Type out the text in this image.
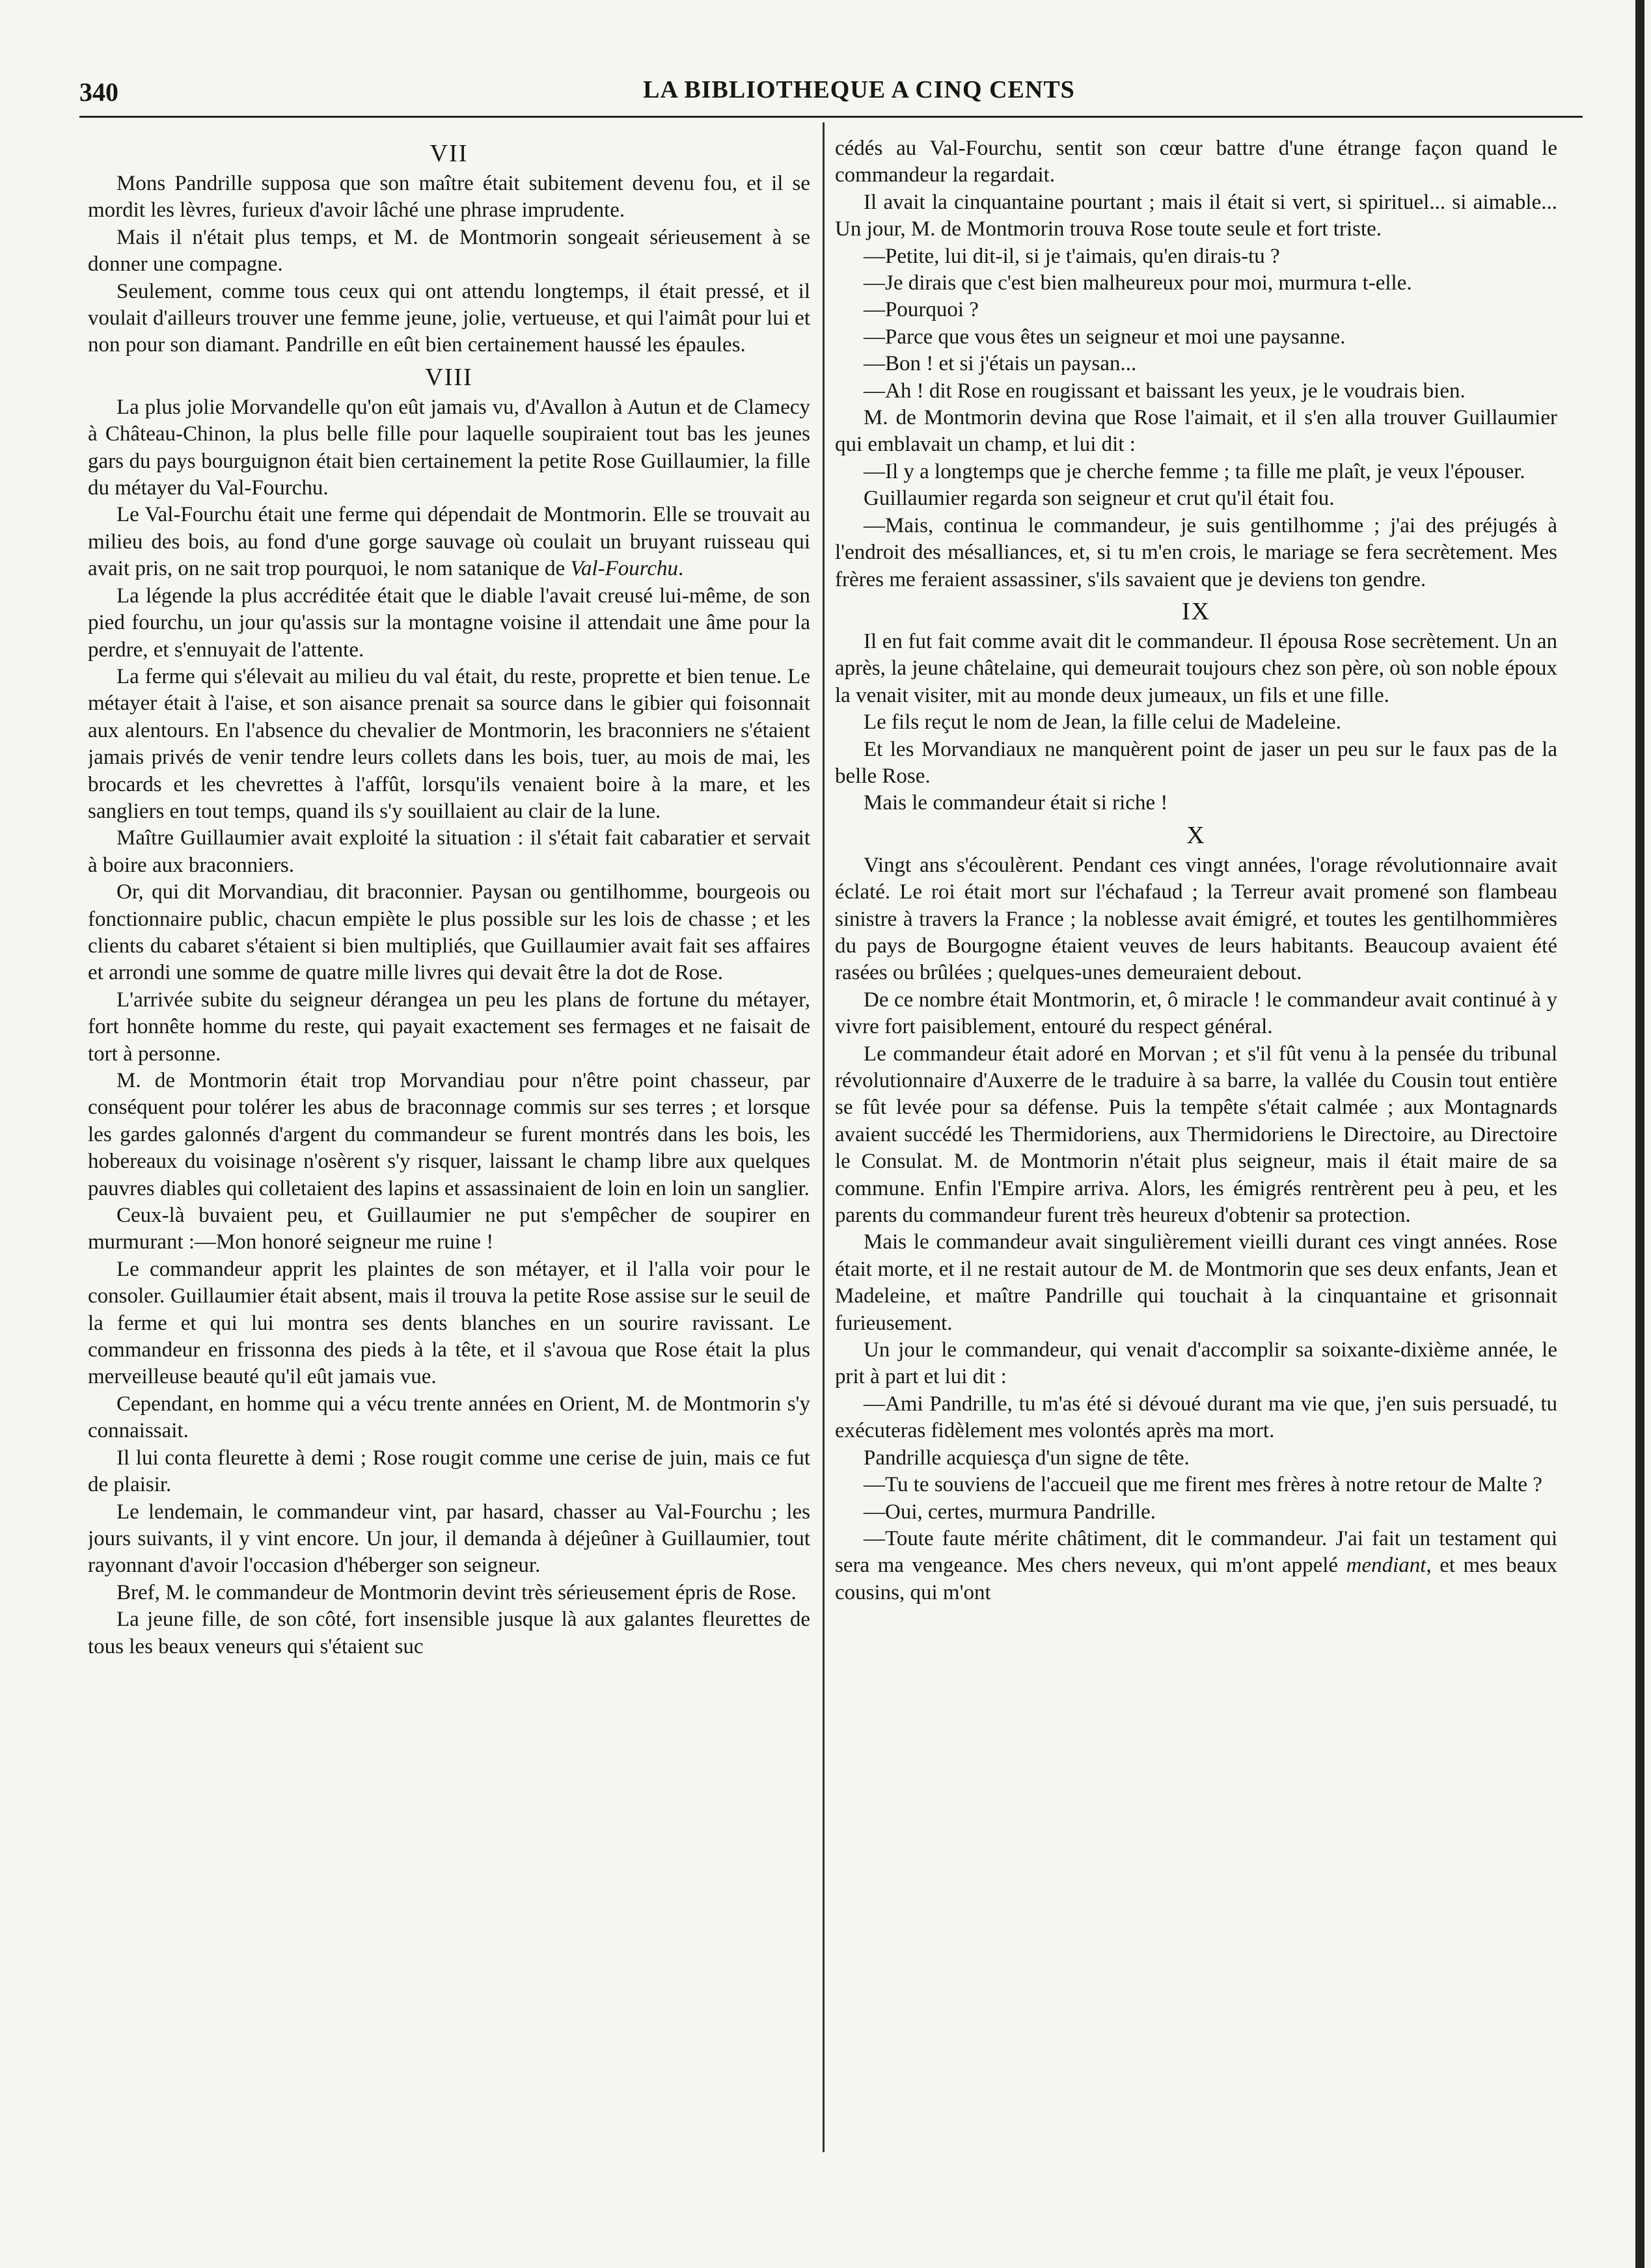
340	LA BIBLIOTHEQUE A CINQ CENTS
VII

Mons Pandrille supposa que son maître était subitement devenu fou, et il se mordit les lèvres, furieux d'avoir lâché une phrase imprudente.

Mais il n'était plus temps, et M. de Montmorin songeait sérieusement à se donner une compagne.

Seulement, comme tous ceux qui ont attendu longtemps, il était pressé, et il voulait d'ailleurs trouver une femme jeune, jolie, vertueuse, et qui l'aimât pour lui et non pour son diamant. Pandrille en eût bien certainement haussé les épaules.

VIII

La plus jolie Morvandelle qu'on eût jamais vu, d'Avallon à Autun et de Clamecy à Château-Chinon, la plus belle fille pour laquelle soupiraient tout bas les jeunes gars du pays bourguignon était bien certainement la petite Rose Guillaumier, la fille du métayer du Val-Fourchu.

Le Val-Fourchu était une ferme qui dépendait de Montmorin. Elle se trouvait au milieu des bois, au fond d'une gorge sauvage où coulait un bruyant ruisseau qui avait pris, on ne sait trop pourquoi, le nom satanique de Val-Fourchu.

La légende la plus accréditée était que le diable l'avait creusé lui-même, de son pied fourchu, un jour qu'assis sur la montagne voisine il attendait une âme pour la perdre, et s'ennuyait de l'attente.

La ferme qui s'élevait au milieu du val était, du reste, proprette et bien tenue. Le métayer était à l'aise, et son aisance prenait sa source dans le gibier qui foisonnait aux alentours. En l'absence du chevalier de Montmorin, les braconniers ne s'étaient jamais privés de venir tendre leurs collets dans les bois, tuer, au mois de mai, les brocards et les chevrettes à l'affût, lorsqu'ils venaient boire à la mare, et les sangliers en tout temps, quand ils s'y souillaient au clair de la lune.

Maître Guillaumier avait exploité la situation : il s'était fait cabaratier et servait à boire aux braconniers.

Or, qui dit Morvandiau, dit braconnier. Paysan ou gentilhomme, bourgeois ou fonctionnaire public, chacun empiète le plus possible sur les lois de chasse ; et les clients du cabaret s'étaient si bien multipliés, que Guillaumier avait fait ses affaires et arrondi une somme de quatre mille livres qui devait être la dot de Rose.

L'arrivée subite du seigneur dérangea un peu les plans de fortune du métayer, fort honnête homme du reste, qui payait exactement ses fermages et ne faisait de tort à personne.

M. de Montmorin était trop Morvandiau pour n'être point chasseur, par conséquent pour tolérer les abus de braconnage commis sur ses terres ; et lorsque les gardes galonnés d'argent du commandeur se furent montrés dans les bois, les hobereaux du voisinage n'osèrent s'y risquer, laissant le champ libre aux quelques pauvres diables qui colletaient des lapins et assassinaient de loin en loin un sanglier.

Ceux-là buvaient peu, et Guillaumier ne put s'empêcher de soupirer en murmurant :—Mon honoré seigneur me ruine !

Le commandeur apprit les plaintes de son métayer, et il l'alla voir pour le consoler. Guillaumier était absent, mais il trouva la petite Rose assise sur le seuil de la ferme et qui lui montra ses dents blanches en un sourire ravissant. Le commandeur en frissonna des pieds à la tête, et il s'avoua que Rose était la plus merveilleuse beauté qu'il eût jamais vue.

Cependant, en homme qui a vécu trente années en Orient, M. de Montmorin s'y connaissait.

Il lui conta fleurette à demi ; Rose rougit comme une cerise de juin, mais ce fut de plaisir.

Le lendemain, le commandeur vint, par hasard, chasser au Val-Fourchu ; les jours suivants, il y vint encore. Un jour, il demanda à déjeûner à Guillaumier, tout rayonnant d'avoir l'occasion d'héberger son seigneur.

Bref, M. le commandeur de Montmorin devint très sérieusement épris de Rose.

La jeune fille, de son côté, fort insensible jusque là aux galantes fleurettes de tous les beaux veneurs qui s'étaient suc

cédés au Val-Fourchu, sentit son cœur battre d'une étrange façon quand le commandeur la regardait.

Il avait la cinquantaine pourtant ; mais il était si vert, si spirituel... si aimable... Un jour, M. de Montmorin trouva Rose toute seule et fort triste.

—Petite, lui dit-il, si je t'aimais, qu'en dirais-tu ?

—Je dirais que c'est bien malheureux pour moi, murmura t-elle.

—Pourquoi ?

—Parce que vous êtes un seigneur et moi une paysanne.

—Bon ! et si j'étais un paysan...

—Ah ! dit Rose en rougissant et baissant les yeux, je le voudrais bien.

M. de Montmorin devina que Rose l'aimait, et il s'en alla trouver Guillaumier qui emblavait un champ, et lui dit :

—Il y a longtemps que je cherche femme ; ta fille me plaît, je veux l'épouser.

Guillaumier regarda son seigneur et crut qu'il était fou.

—Mais, continua le commandeur, je suis gentilhomme ; j'ai des préjugés à l'endroit des mésalliances, et, si tu m'en crois, le mariage se fera secrètement. Mes frères me feraient assassiner, s'ils savaient que je deviens ton gendre.

IX

Il en fut fait comme avait dit le commandeur. Il épousa Rose secrètement. Un an après, la jeune châtelaine, qui demeurait toujours chez son père, où son noble époux la venait visiter, mit au monde deux jumeaux, un fils et une fille.

Le fils reçut le nom de Jean, la fille celui de Madeleine.

Et les Morvandiaux ne manquèrent point de jaser un peu sur le faux pas de la belle Rose.

Mais le commandeur était si riche !

X

Vingt ans s'écoulèrent. Pendant ces vingt années, l'orage révolutionnaire avait éclaté. Le roi était mort sur l'échafaud ; la Terreur avait promené son flambeau sinistre à travers la France ; la noblesse avait émigré, et toutes les gentilhommières du pays de Bourgogne étaient veuves de leurs habitants. Beaucoup avaient été rasées ou brûlées ; quelques-unes demeuraient debout.

De ce nombre était Montmorin, et, ô miracle ! le commandeur avait continué à y vivre fort paisiblement, entouré du respect général.

Le commandeur était adoré en Morvan ; et s'il fût venu à la pensée du tribunal révolutionnaire d'Auxerre de le traduire à sa barre, la vallée du Cousin tout entière se fût levée pour sa défense. Puis la tempête s'était calmée ; aux Montagnards avaient succédé les Thermidoriens, aux Thermidoriens le Directoire, au Directoire le Consulat. M. de Montmorin n'était plus seigneur, mais il était maire de sa commune. Enfin l'Empire arriva. Alors, les émigrés rentrèrent peu à peu, et les parents du commandeur furent très heureux d'obtenir sa protection.

Mais le commandeur avait singulièrement vieilli durant ces vingt années. Rose était morte, et il ne restait autour de M. de Montmorin que ses deux enfants, Jean et Madeleine, et maître Pandrille qui touchait à la cinquantaine et grisonnait furieusement.

Un jour le commandeur, qui venait d'accomplir sa soixante-dixième année, le prit à part et lui dit :

—Ami Pandrille, tu m'as été si dévoué durant ma vie que, j'en suis persuadé, tu exécuteras fidèlement mes volontés après ma mort.

Pandrille acquiesça d'un signe de tête.

—Tu te souviens de l'accueil que me firent mes frères à notre retour de Malte ?

—Oui, certes, murmura Pandrille.

—Toute faute mérite châtiment, dit le commandeur. J'ai fait un testament qui sera ma vengeance. Mes chers neveux, qui m'ont appelé mendiant, et mes beaux cousins, qui m'ont
